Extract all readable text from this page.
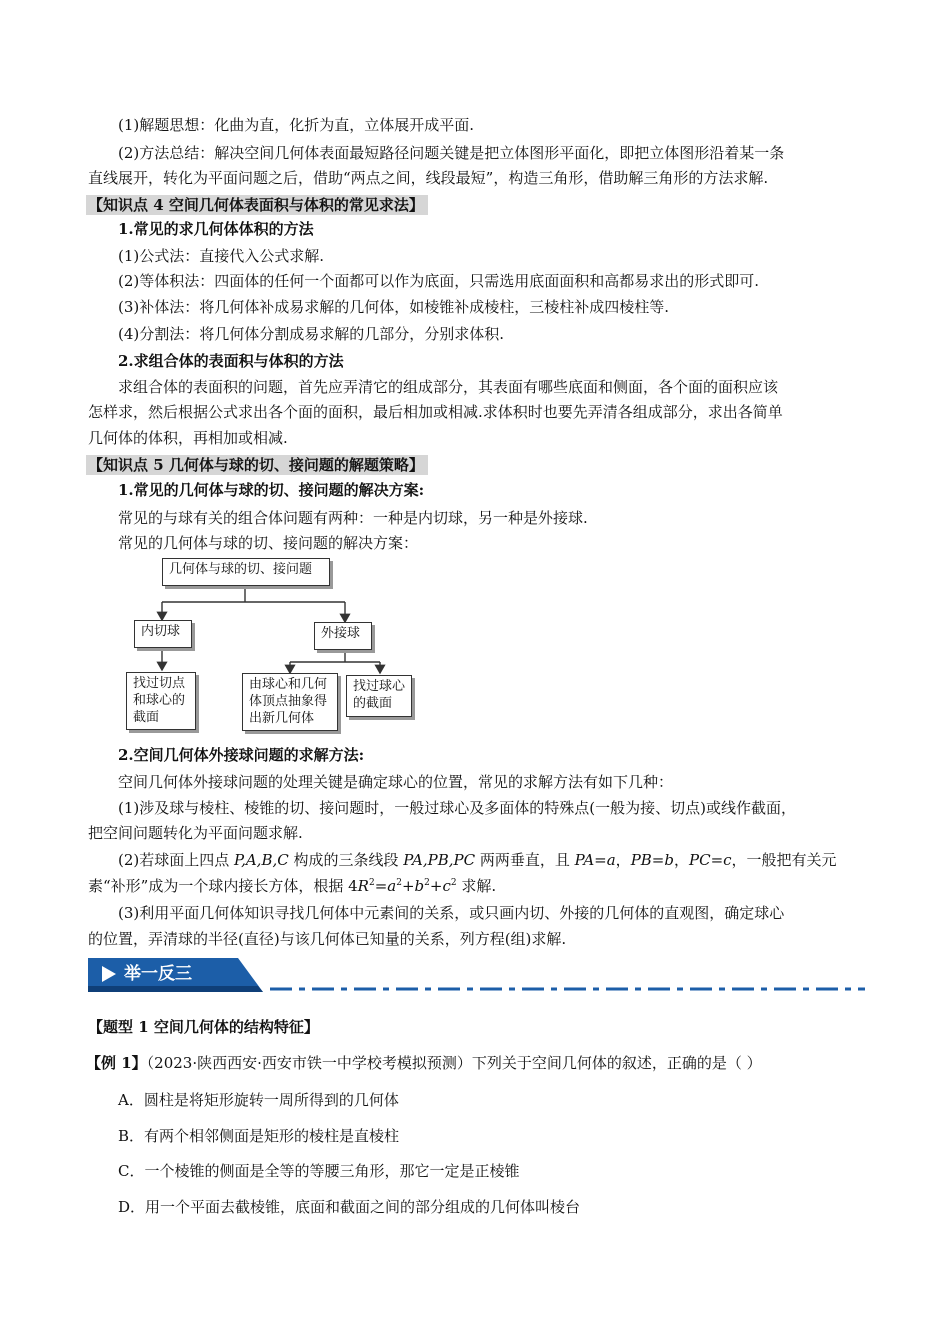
(1)解题思想：化曲为直，化折为直，立体展开成平面.
(2)方法总结：解决空间几何体表面最短路径问题关键是把立体图形平面化，即把立体图形沿着某一条
直线展开，转化为平面问题之后，借助“两点之间，线段最短”，构造三角形，借助解三角形的方法求解.
【知识点 4 空间几何体表面积与体积的常见求法】
1.常见的求几何体体积的方法
(1)公式法：直接代入公式求解.
(2)等体积法：四面体的任何一个面都可以作为底面，只需选用底面面积和高都易求出的形式即可.
(3)补体法：将几何体补成易求解的几何体，如棱锥补成棱柱，三棱柱补成四棱柱等.
(4)分割法：将几何体分割成易求解的几部分，分别求体积.
2.求组合体的表面积与体积的方法
求组合体的表面积的问题，首先应弄清它的组成部分，其表面有哪些底面和侧面，各个面的面积应该
怎样求，然后根据公式求出各个面的面积，最后相加或相减.求体积时也要先弄清各组成部分，求出各简单
几何体的体积，再相加或相减.
【知识点 5 几何体与球的切、接问题的解题策略】
1.常见的几何体与球的切、接问题的解决方案:
常见的与球有关的组合体问题有两种：一种是内切球，另一种是外接球.
常见的几何体与球的切、接问题的解决方案：
几何体与球的切、接问题
内切球	外接球
找过切点
和球心的
截面
由球心和几何
体顶点抽象得
出新几何体
找过球心
的截面
2.空间几何体外接球问题的求解方法:
空间几何体外接球问题的处理关键是确定球心的位置，常见的求解方法有如下几种：
(1)涉及球与棱柱、棱锥的切、接问题时，一般过球心及多面体的特殊点(一般为接、切点)或线作截面，
把空间问题转化为平面问题求解.
(2)若球面上四点 P,A,B,C 构成的三条线段 PA,PB,PC 两两垂直，且 PA=a，PB=b，PC=c，一般把有关元
素“补形”成为一个球内接长方体，根据 $4R^2=a^2+b^2+c^2$ 求解.
(3)利用平面几何体知识寻找几何体中元素间的关系，或只画内切、外接的几何体的直观图，确定球心
的位置，弄清球的半径(直径)与该几何体已知量的关系，列方程(组)求解.
举一反三
【题型 1 空间几何体的结构特征】
【例 1】（2023·陕西西安·西安市铁一中学校考模拟预测）下列关于空间几何体的叙述，正确的是（ ）
A．圆柱是将矩形旋转一周所得到的几何体
B．有两个相邻侧面是矩形的棱柱是直棱柱
C．一个棱锥的侧面是全等的等腰三角形，那它一定是正棱锥
D．用一个平面去截棱锥，底面和截面之间的部分组成的几何体叫棱台
